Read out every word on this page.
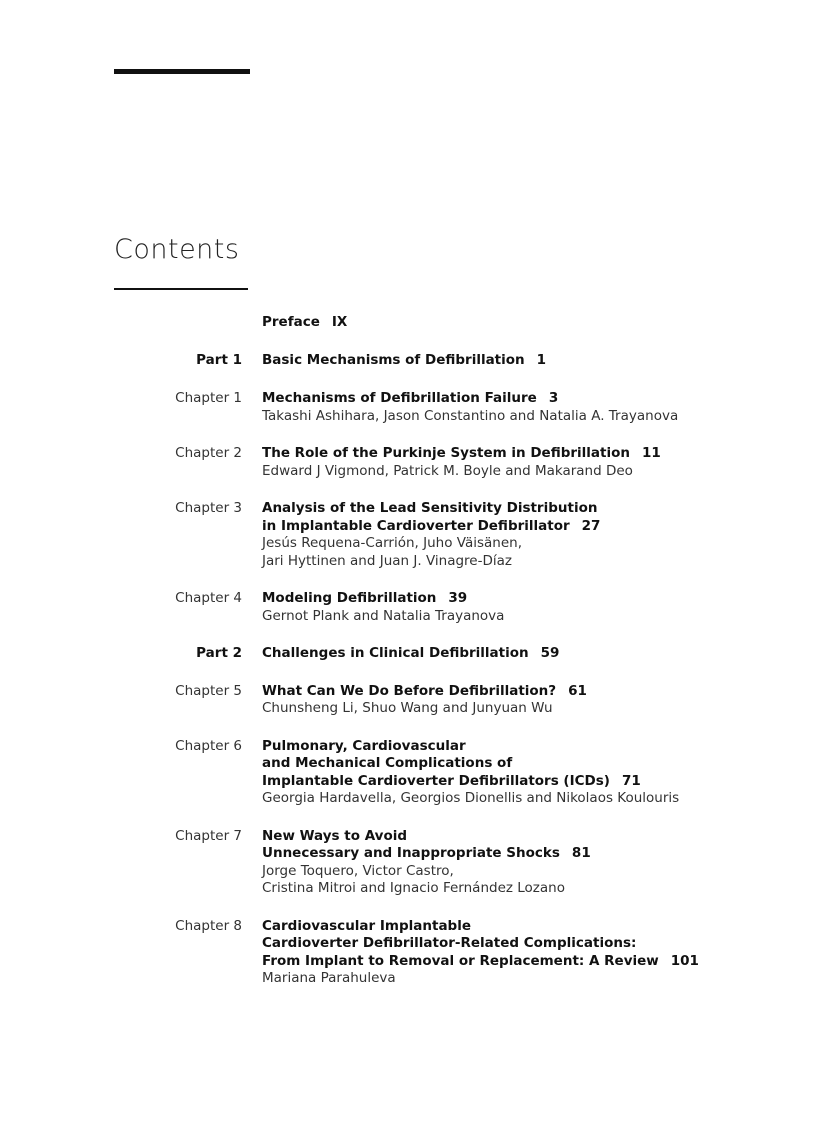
Contents
Preface IX
Part 1 Basic Mechanisms of Defibrillation 1
Chapter 1 Mechanisms of Defibrillation Failure 3
Takashi Ashihara, Jason Constantino and Natalia A. Trayanova
Chapter 2 The Role of the Purkinje System in Defibrillation 11
Edward J Vigmond, Patrick M. Boyle and Makarand Deo
Chapter 3 Analysis of the Lead Sensitivity Distribution
in Implantable Cardioverter Defibrillator 27
Jesús Requena-Carrión, Juho Väisänen,
Jari Hyttinen and Juan J. Vinagre-Díaz
Chapter 4 Modeling Defibrillation 39
Gernot Plank and Natalia Trayanova
Part 2 Challenges in Clinical Defibrillation 59
Chapter 5 What Can We Do Before Defibrillation? 61
Chunsheng Li, Shuo Wang and Junyuan Wu
Chapter 6 Pulmonary, Cardiovascular
and Mechanical Complications of
Implantable Cardioverter Defibrillators (ICDs) 71
Georgia Hardavella, Georgios Dionellis and Nikolaos Koulouris
Chapter 7 New Ways to Avoid
Unnecessary and Inappropriate Shocks 81
Jorge Toquero, Victor Castro,
Cristina Mitroi and Ignacio Fernández Lozano
Chapter 8 Cardiovascular Implantable
Cardioverter Defibrillator-Related Complications:
From Implant to Removal or Replacement: A Review 101
Mariana Parahuleva
